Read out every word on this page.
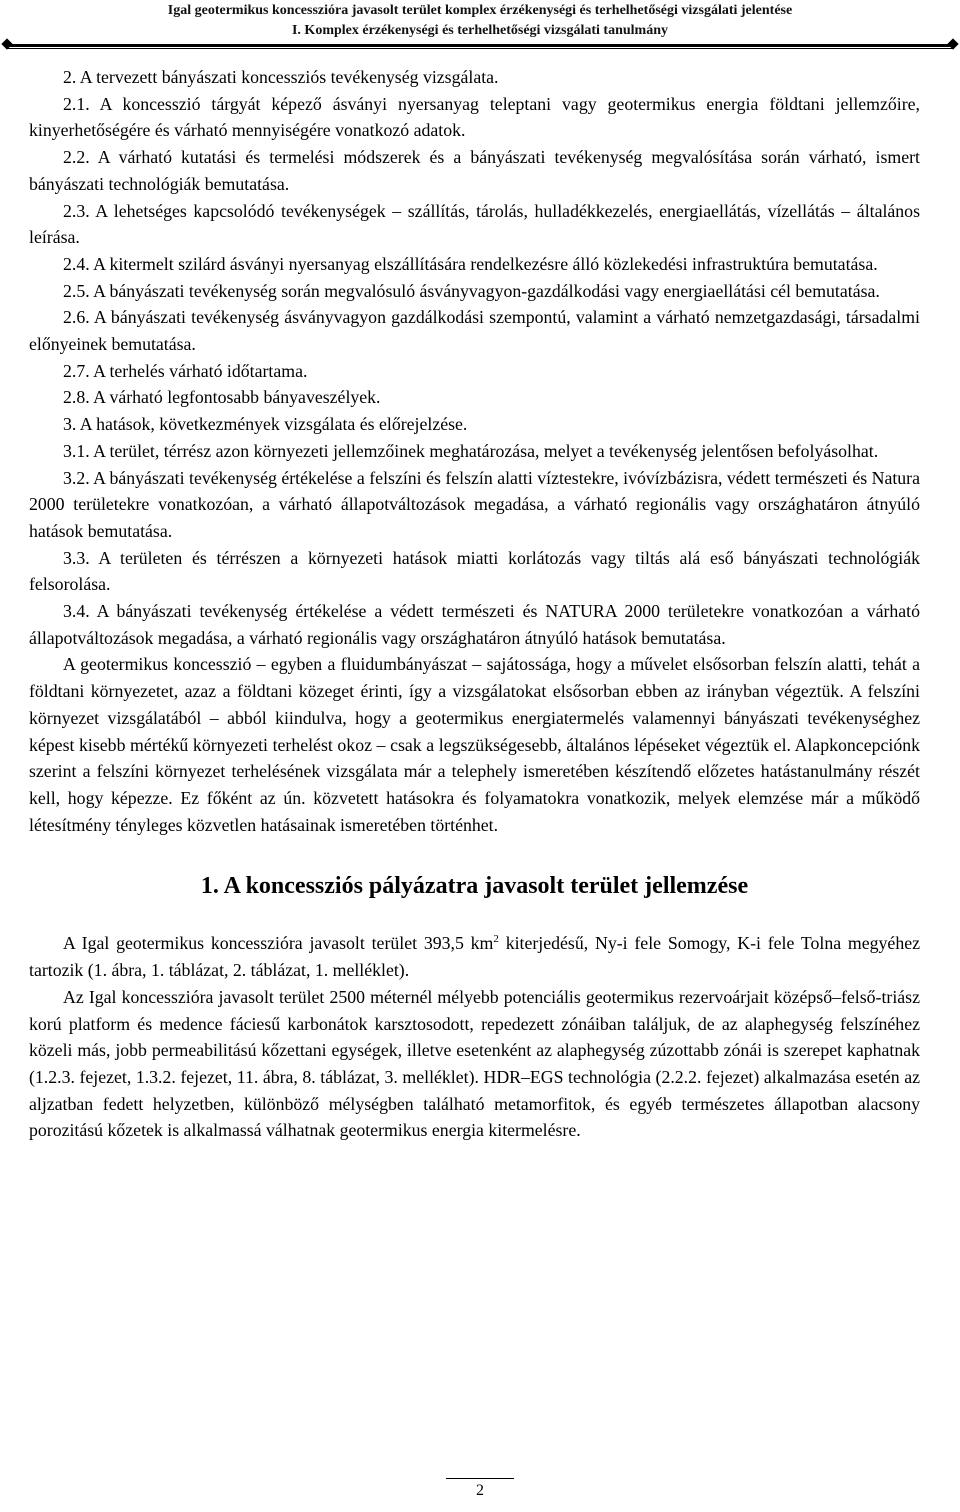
Igal geotermikus koncesszióra javasolt terület komplex érzékenységi és terhelhetőségi vizsgálati jelentése
I. Komplex érzékenységi és terhelhetőségi vizsgálati tanulmány

2. A tervezett bányászati koncessziós tevékenység vizsgálata.

2.1. A koncesszió tárgyát képező ásványi nyersanyag teleptani vagy geotermikus energia földtani jellemzőire, kinyerhetőségére és várható mennyiségére vonatkozó adatok.

2.2. A várható kutatási és termelési módszerek és a bányászati tevékenység megvalósítása során várható, ismert bányászati technológiák bemutatása.

2.3. A lehetséges kapcsolódó tevékenységek – szállítás, tárolás, hulladékkezelés, energiaellátás, vízellátás – általános leírása.

2.4. A kitermelt szilárd ásványi nyersanyag elszállítására rendelkezésre álló közlekedési infrastruktúra bemutatása.

2.5. A bányászati tevékenység során megvalósuló ásványvagyon-gazdálkodási vagy energiaellátási cél bemutatása.

2.6. A bányászati tevékenység ásványvagyon gazdálkodási szempontú, valamint a várható nemzetgazdasági, társadalmi előnyeinek bemutatása.

2.7. A terhelés várható időtartama.

2.8. A várható legfontosabb bányaveszélyek.

3. A hatások, következmények vizsgálata és előrejelzése.

3.1. A terület, térrész azon környezeti jellemzőinek meghatározása, melyet a tevékenység jelentősen befolyásolhat.

3.2. A bányászati tevékenység értékelése a felszíni és felszín alatti víztestekre, ivóvízbázisra, védett természeti és Natura 2000 területekre vonatkozóan, a várható állapotváltozások megadása, a várható regionális vagy országhatáron átnyúló hatások bemutatása.

3.3. A területen és térrészen a környezeti hatások miatti korlátozás vagy tiltás alá eső bányászati technológiák felsorolása.

3.4. A bányászati tevékenység értékelése a védett természeti és NATURA 2000 területekre vonatkozóan a várható állapotváltozások megadása, a várható regionális vagy országhatáron átnyúló hatások bemutatása.

A geotermikus koncesszió – egyben a fluidumbányászat – sajátossága, hogy a művelet elsősorban felszín alatti, tehát a földtani környezetet, azaz a földtani közeget érinti, így a vizsgálatokat elsősorban ebben az irányban végeztük. A felszíni környezet vizsgálatából – abból kiindulva, hogy a geotermikus energiatermelés valamennyi bányászati tevékenységhez képest kisebb mértékű környezeti terhelést okoz – csak a legszükségesebb, általános lépéseket végeztük el. Alapkoncepciónk szerint a felszíni környezet terhelésének vizsgálata már a telephely ismeretében készítendő előzetes hatástanulmány részét kell, hogy képezze. Ez főként az ún. közvetett hatásokra és folyamatokra vonatkozik, melyek elemzése már a működő létesítmény tényleges közvetlen hatásainak ismeretében történhet.

1. A koncessziós pályázatra javasolt terület jellemzése

A Igal geotermikus koncesszióra javasolt terület 393,5 $km^2$ kiterjedésű, Ny-i fele Somogy, K-i fele Tolna megyéhez tartozik (1. ábra, 1. táblázat, 2. táblázat, 1. melléklet).

Az Igal koncesszióra javasolt terület 2500 méternél mélyebb potenciális geotermikus rezervoárjait középső–felső-triász korú platform és medence fáciesű karbonátok karsztosodott, repedezett zónáiban találjuk, de az alaphegység felszínéhez közeli más, jobb permeabilitású kőzettani egységek, illetve esetenként az alaphegység zúzottabb zónái is szerepet kaphatnak (1.2.3. fejezet, 1.3.2. fejezet, 11. ábra, 8. táblázat, 3. melléklet). HDR–EGS technológia (2.2.2. fejezet) alkalmazása esetén az aljzatban fedett helyzetben, különböző mélységben található metamorfitok, és egyéb természetes állapotban alacsony porozitású kőzetek is alkalmassá válhatnak geotermikus energia kitermelésre.

2
